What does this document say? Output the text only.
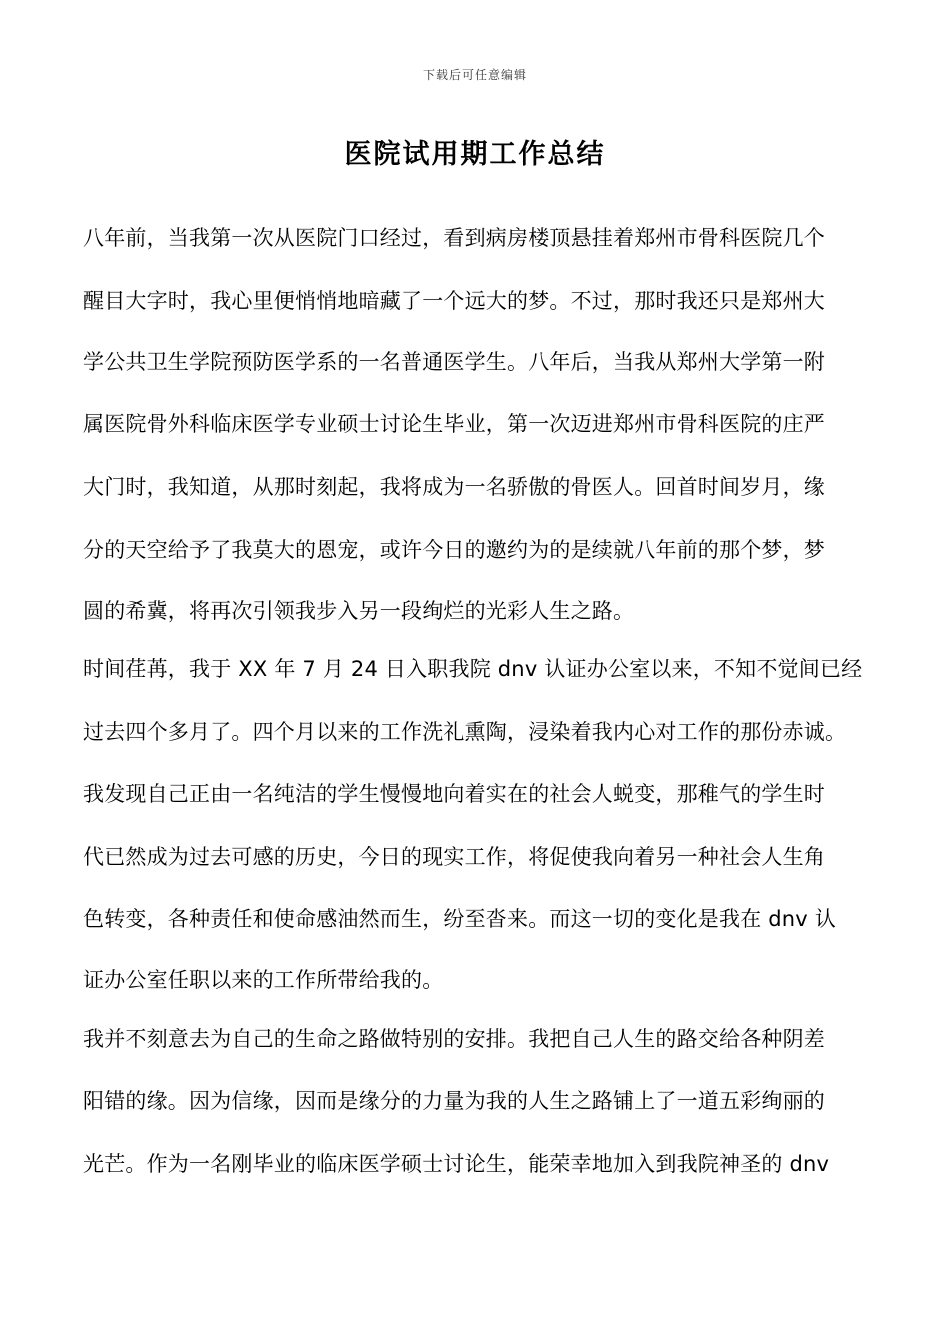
下载后可任意编辑
医院试用期工作总结
八年前，当我第一次从医院门口经过，看到病房楼顶悬挂着郑州市骨科医院几个
醒目大字时，我心里便悄悄地暗藏了一个远大的梦。不过，那时我还只是郑州大
学公共卫生学院预防医学系的一名普通医学生。八年后，当我从郑州大学第一附
属医院骨外科临床医学专业硕士讨论生毕业，第一次迈进郑州市骨科医院的庄严
大门时，我知道，从那时刻起，我将成为一名骄傲的骨医人。回首时间岁月，缘
分的天空给予了我莫大的恩宠，或许今日的邀约为的是续就八年前的那个梦，梦
圆的希冀，将再次引领我步入另一段绚烂的光彩人生之路。
时间荏苒，我于 XX 年 7 月 24 日入职我院 dnv 认证办公室以来，不知不觉间已经
过去四个多月了。四个月以来的工作洗礼熏陶，浸染着我内心对工作的那份赤诚。
我发现自己正由一名纯洁的学生慢慢地向着实在的社会人蜕变，那稚气的学生时
代已然成为过去可感的历史，今日的现实工作，将促使我向着另一种社会人生角
色转变，各种责任和使命感油然而生，纷至沓来。而这一切的变化是我在 dnv 认
证办公室任职以来的工作所带给我的。
我并不刻意去为自己的生命之路做特别的安排。我把自己人生的路交给各种阴差
阳错的缘。因为信缘，因而是缘分的力量为我的人生之路铺上了一道五彩绚丽的
光芒。作为一名刚毕业的临床医学硕士讨论生，能荣幸地加入到我院神圣的 dnv
